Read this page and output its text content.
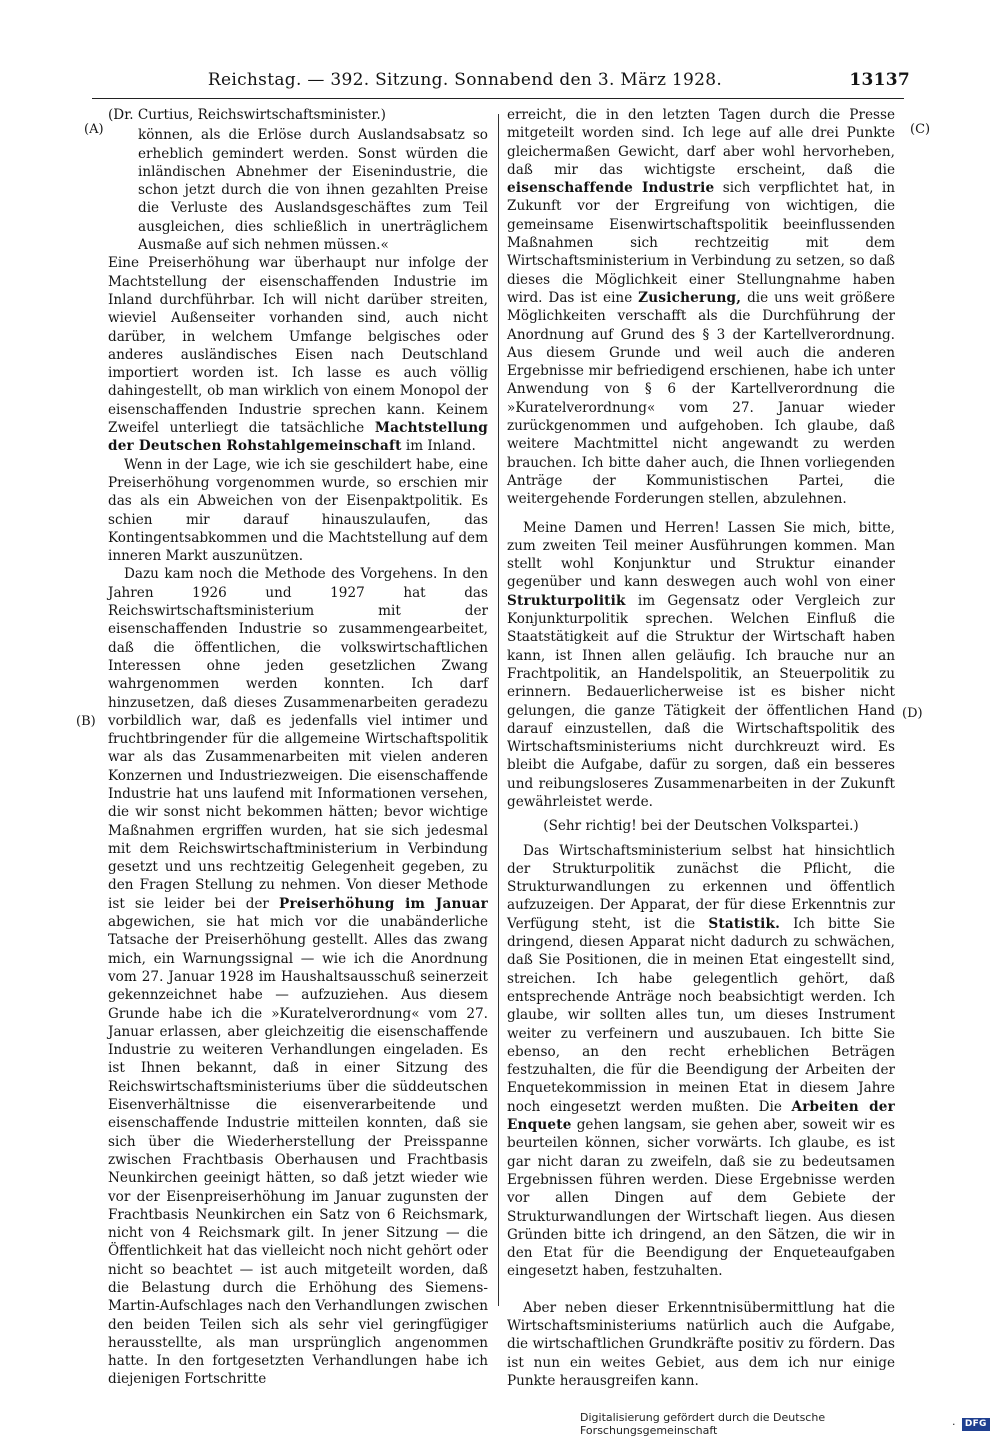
Reichstag. — 392. Sitzung. Sonnabend den 3. März 1928.	13137
(A)
(B)
(C)
(D)

(Dr. Curtius, Reichswirtschaftsminister.)

können, als die Erlöse durch Auslandsabsatz so erheblich gemindert werden. Sonst würden die inländischen Abnehmer der Eisenindustrie, die schon jetzt durch die von ihnen gezahlten Preise die Verluste des Auslandsgeschäftes zum Teil ausgleichen, dies schließlich in unerträglichem Ausmaße auf sich nehmen müssen.«

Eine Preiserhöhung war überhaupt nur infolge der Machtstellung der eisenschaffenden Industrie im Inland durchführbar. Ich will nicht darüber streiten, wieviel Außenseiter vorhanden sind, auch nicht darüber, in welchem Umfange belgisches oder anderes ausländisches Eisen nach Deutschland importiert worden ist. Ich lasse es auch völlig dahingestellt, ob man wirklich von einem Monopol der eisenschaffenden Industrie sprechen kann. Keinem Zweifel unterliegt die tatsächliche Machtstellung der Deutschen Rohstahlgemeinschaft im Inland.

Wenn in der Lage, wie ich sie geschildert habe, eine Preiserhöhung vorgenommen wurde, so erschien mir das als ein Abweichen von der Eisenpaktpolitik. Es schien mir darauf hinauszulaufen, das Kontingentsabkommen und die Machtstellung auf dem inneren Markt auszunützen.

Dazu kam noch die Methode des Vorgehens. In den Jahren 1926 und 1927 hat das Reichswirtschaftsministerium mit der eisenschaffenden Industrie so zusammengearbeitet, daß die öffentlichen, die volkswirtschaftlichen Interessen ohne jeden gesetzlichen Zwang wahrgenommen werden konnten. Ich darf hinzusetzen, daß dieses Zusammenarbeiten geradezu vorbildlich war, daß es jedenfalls viel intimer und fruchtbringender für die allgemeine Wirtschaftspolitik war als das Zusammenarbeiten mit vielen anderen Konzernen und Industriezweigen. Die eisenschaffende Industrie hat uns laufend mit Informationen versehen, die wir sonst nicht bekommen hätten; bevor wichtige Maßnahmen ergriffen wurden, hat sie sich jedesmal mit dem Reichswirtschaftministerium in Verbindung gesetzt und uns rechtzeitig Gelegenheit gegeben, zu den Fragen Stellung zu nehmen. Von dieser Methode ist sie leider bei der Preiserhöhung im Januar abgewichen, sie hat mich vor die unabänderliche Tatsache der Preiserhöhung gestellt. Alles das zwang mich, ein Warnungssignal — wie ich die Anordnung vom 27. Januar 1928 im Haushaltsausschuß seinerzeit gekennzeichnet habe — aufzuziehen. Aus diesem Grunde habe ich die »Kuratelverordnung« vom 27. Januar erlassen, aber gleichzeitig die eisenschaffende Industrie zu weiteren Verhandlungen eingeladen. Es ist Ihnen bekannt, daß in einer Sitzung des Reichswirtschaftsministeriums über die süddeutschen Eisenverhältnisse die eisenverarbeitende und eisenschaffende Industrie mitteilen konnten, daß sie sich über die Wiederherstellung der Preisspanne zwischen Frachtbasis Oberhausen und Frachtbasis Neunkirchen geeinigt hätten, so daß jetzt wieder wie vor der Eisenpreiserhöhung im Januar zugunsten der Frachtbasis Neunkirchen ein Satz von 6 Reichsmark, nicht von 4 Reichsmark gilt. In jener Sitzung — die Öffentlichkeit hat das vielleicht noch nicht gehört oder nicht so beachtet — ist auch mitgeteilt worden, daß die Belastung durch die Erhöhung des Siemens-Martin-Aufschlages nach den Verhandlungen zwischen den beiden Teilen sich als sehr viel geringfügiger herausstellte, als man ursprünglich angenommen hatte. In den fortgesetzten Verhandlungen habe ich diejenigen Fortschritte

erreicht, die in den letzten Tagen durch die Presse mitgeteilt worden sind. Ich lege auf alle drei Punkte gleichermaßen Gewicht, darf aber wohl hervorheben, daß mir das wichtigste erscheint, daß die eisenschaffende Industrie sich verpflichtet hat, in Zukunft vor der Ergreifung von wichtigen, die gemeinsame Eisenwirtschaftspolitik beeinflussenden Maßnahmen sich rechtzeitig mit dem Wirtschaftsministerium in Verbindung zu setzen, so daß dieses die Möglichkeit einer Stellungnahme haben wird. Das ist eine Zusicherung, die uns weit größere Möglichkeiten verschafft als die Durchführung der Anordnung auf Grund des § 3 der Kartellverordnung. Aus diesem Grunde und weil auch die anderen Ergebnisse mir befriedigend erschienen, habe ich unter Anwendung von § 6 der Kartellverordnung die »Kuratelverordnung« vom 27. Januar wieder zurückgenommen und aufgehoben. Ich glaube, daß weitere Machtmittel nicht angewandt zu werden brauchen. Ich bitte daher auch, die Ihnen vorliegenden Anträge der Kommunistischen Partei, die weitergehende Forderungen stellen, abzulehnen.

Meine Damen und Herren! Lassen Sie mich, bitte, zum zweiten Teil meiner Ausführungen kommen. Man stellt wohl Konjunktur und Struktur einander gegenüber und kann deswegen auch wohl von einer Strukturpolitik im Gegensatz oder Vergleich zur Konjunkturpolitik sprechen. Welchen Einfluß die Staatstätigkeit auf die Struktur der Wirtschaft haben kann, ist Ihnen allen geläufig. Ich brauche nur an Frachtpolitik, an Handelspolitik, an Steuerpolitik zu erinnern. Bedauerlicherweise ist es bisher nicht gelungen, die ganze Tätigkeit der öffentlichen Hand darauf einzustellen, daß die Wirtschaftspolitik des Wirtschaftsministeriums nicht durchkreuzt wird. Es bleibt die Aufgabe, dafür zu sorgen, daß ein besseres und reibungsloseres Zusammenarbeiten in der Zukunft gewährleistet werde.

(Sehr richtig! bei der Deutschen Volkspartei.)

Das Wirtschaftsministerium selbst hat hinsichtlich der Strukturpolitik zunächst die Pflicht, die Strukturwandlungen zu erkennen und öffentlich aufzuzeigen. Der Apparat, der für diese Erkenntnis zur Verfügung steht, ist die Statistik. Ich bitte Sie dringend, diesen Apparat nicht dadurch zu schwächen, daß Sie Positionen, die in meinen Etat eingestellt sind, streichen. Ich habe gelegentlich gehört, daß entsprechende Anträge noch beabsichtigt werden. Ich glaube, wir sollten alles tun, um dieses Instrument weiter zu verfeinern und auszubauen. Ich bitte Sie ebenso, an den recht erheblichen Beträgen festzuhalten, die für die Beendigung der Arbeiten der Enquetekommission in meinen Etat in diesem Jahre noch eingesetzt werden mußten. Die Arbeiten der Enquete gehen langsam, sie gehen aber, soweit wir es beurteilen können, sicher vorwärts. Ich glaube, es ist gar nicht daran zu zweifeln, daß sie zu bedeutsamen Ergebnissen führen werden. Diese Ergebnisse werden vor allen Dingen auf dem Gebiete der Strukturwandlungen der Wirtschaft liegen. Aus diesen Gründen bitte ich dringend, an den Sätzen, die wir in den Etat für die Beendigung der Enqueteaufgaben eingesetzt haben, festzuhalten.

Aber neben dieser Erkenntnisübermittlung hat die Wirtschaftsministeriums natürlich auch die Aufgabe, die wirtschaftlichen Grundkräfte positiv zu fördern. Das ist nun ein weites Gebiet, aus dem ich nur einige Punkte herausgreifen kann.

Digitalisierung gefördert durch die Deutsche Forschungsgemeinschaft	·	DFG
